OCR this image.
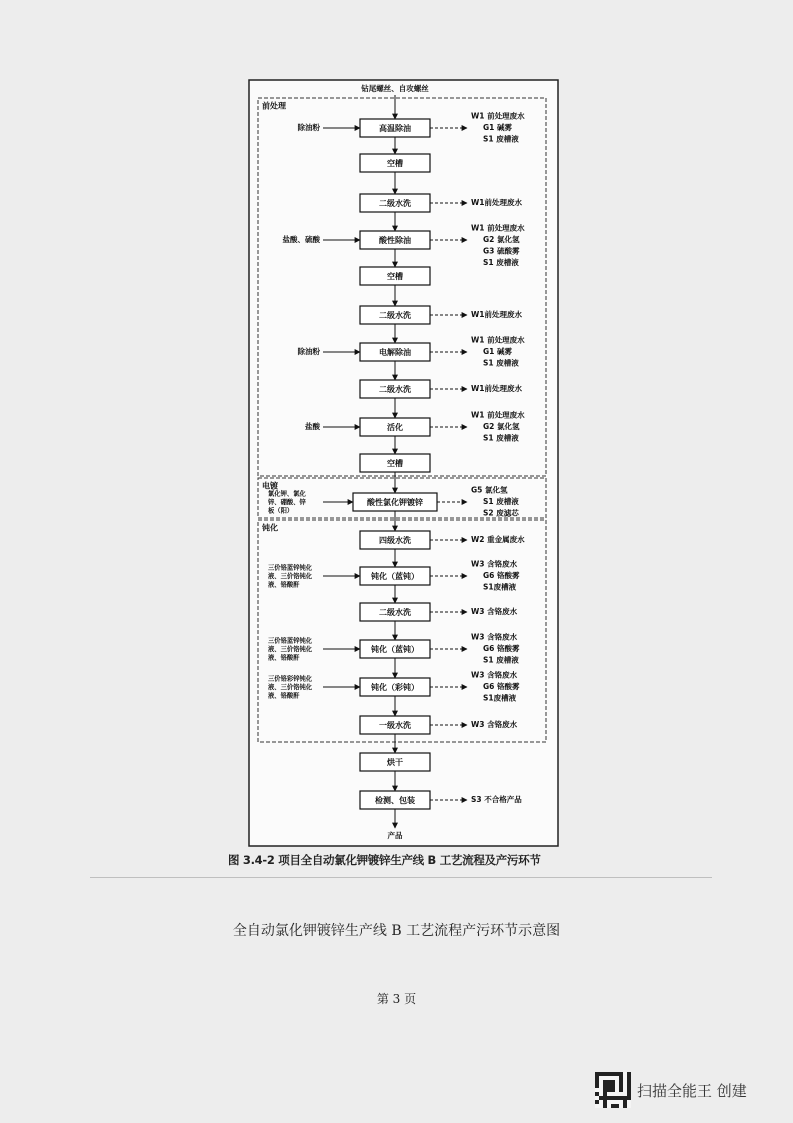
前处理
电镀
钝化
钻尾螺丝、自攻螺丝
高温除油
除油粉
W1 前处理废水
G1 碱雾
S1 废槽液
空槽
二级水洗	W1前处理废水
酸性除油
盐酸、硫酸
W1 前处理废水
G2 氯化氢
G3 硫酸雾
S1 废槽液
空槽
二级水洗	W1前处理废水
电解除油
除油粉
W1 前处理废水
G1 碱雾
S1 废槽液
二级水洗	W1前处理废水
活化
盐酸
W1 前处理废水
G2 氯化氢
S1 废槽液
空槽
酸性氯化钾镀锌
氯化钾、氯化
锌、硼酸、锌
板（阳）
G5 氯化氢
S1 废槽液
S2 废滤芯
四级水洗	W2 重金属废水
钝化（蓝钝）
三价铬蓝锌钝化
液、三价铬钝化
液、铬酸酐
W3 含铬废水
G6 铬酸雾
S1废槽液
二级水洗	W3 含铬废水
钝化（蓝钝）
三价铬蓝锌钝化
液、三价铬钝化
液、铬酸酐
W3 含铬废水
G6 铬酸雾
S1 废槽液
钝化（彩钝）
三价铬彩锌钝化
液、三价铬钝化
液、铬酸酐
W3 含铬废水
G6 铬酸雾
S1废槽液
一级水洗	W3 含铬废水
烘干
检测、包装	S3 不合格产品
产品
图 3.4-2 项目全自动氯化钾镀锌生产线 B 工艺流程及产污环节
全自动氯化钾镀锌生产线 B 工艺流程产污环节示意图
第 3 页
扫描全能王 创建
